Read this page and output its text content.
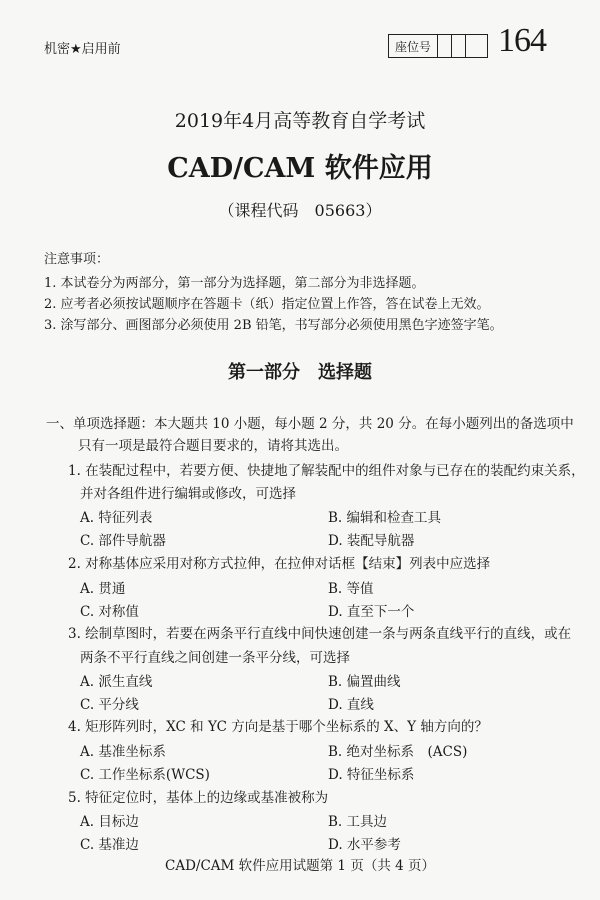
机密★启用前	座位号 164
2019年4月高等教育自学考试
CAD/CAM 软件应用
（课程代码　05663）
注意事项：
1. 本试卷分为两部分，第一部分为选择题，第二部分为非选择题。
2. 应考者必须按试题顺序在答题卡（纸）指定位置上作答，答在试卷上无效。
3. 涂写部分、画图部分必须使用 2B 铅笔，书写部分必须使用黑色字迹签字笔。
第一部分　选择题
一、单项选择题：本大题共 10 小题，每小题 2 分，共 20 分。在每小题列出的备选项中
只有一项是最符合题目要求的，请将其选出。
1. 在装配过程中，若要方便、快捷地了解装配中的组件对象与已存在的装配约束关系，
并对各组件进行编辑或修改，可选择
A. 特征列表	B. 编辑和检查工具
C. 部件导航器	D. 装配导航器
2. 对称基体应采用对称方式拉伸，在拉伸对话框【结束】列表中应选择
A. 贯通	B. 等值
C. 对称值	D. 直至下一个
3. 绘制草图时，若要在两条平行直线中间快速创建一条与两条直线平行的直线，或在
两条不平行直线之间创建一条平分线，可选择
A. 派生直线	B. 偏置曲线
C. 平分线	D. 直线
4. 矩形阵列时，XC 和 YC 方向是基于哪个坐标系的 X、Y 轴方向的？
A. 基准坐标系	B. 绝对坐标系　(ACS)
C. 工作坐标系(WCS)	D. 特征坐标系
5. 特征定位时，基体上的边缘或基准被称为
A. 目标边	B. 工具边
C. 基准边	D. 水平参考
CAD/CAM 软件应用试题第 1 页（共 4 页）
